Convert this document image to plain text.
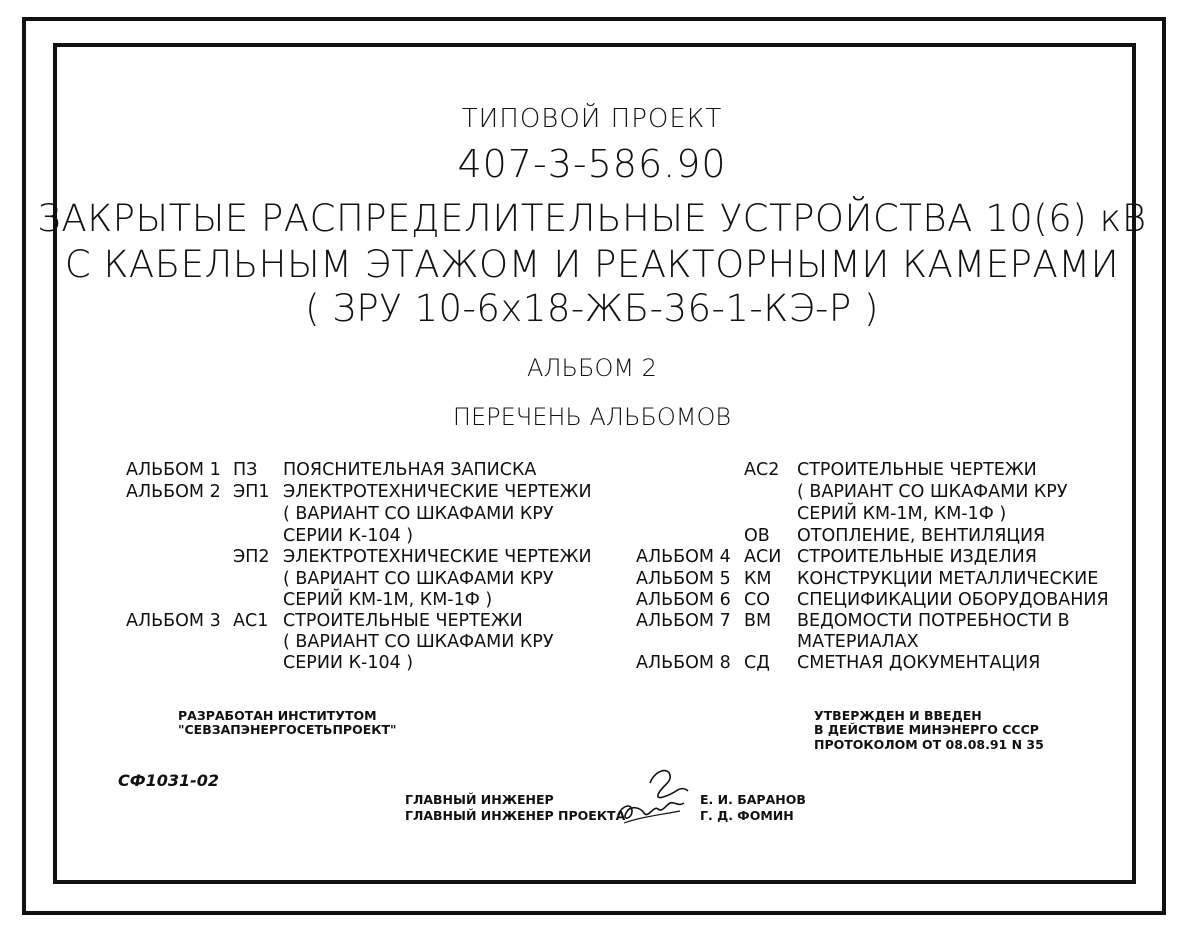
ТИПОВОЙ ПРОЕКТ
407-3-586.90
ЗАКРЫТЫЕ РАСПРЕДЕЛИТЕЛЬНЫЕ УСТРОЙСТВА 10(6) кВ
С КАБЕЛЬНЫМ ЭТАЖОМ И РЕАКТОРНЫМИ КАМЕРАМИ
( ЗРУ 10-6х18-ЖБ-36-1-КЭ-Р )
АЛЬБОМ 2
ПЕРЕЧЕНЬ АЛЬБОМОВ
АЛЬБОМ 1 ПЗ ПОЯСНИТЕЛЬНАЯ ЗАПИСКА
АЛЬБОМ 2 ЭП1 ЭЛЕКТРОТЕХНИЧЕСКИЕ ЧЕРТЕЖИ
( ВАРИАНТ СО ШКАФАМИ КРУ
СЕРИИ К-104 )
ЭП2 ЭЛЕКТРОТЕХНИЧЕСКИЕ ЧЕРТЕЖИ
( ВАРИАНТ СО ШКАФАМИ КРУ
СЕРИЙ КМ-1М, КМ-1Ф )
АЛЬБОМ 3 АС1 СТРОИТЕЛЬНЫЕ ЧЕРТЕЖИ
( ВАРИАНТ СО ШКАФАМИ КРУ
СЕРИИ К-104 )
АС2 СТРОИТЕЛЬНЫЕ ЧЕРТЕЖИ
( ВАРИАНТ СО ШКАФАМИ КРУ
СЕРИЙ КМ-1М, КМ-1Ф )
ОВ ОТОПЛЕНИЕ, ВЕНТИЛЯЦИЯ
АЛЬБОМ 4 АСИ СТРОИТЕЛЬНЫЕ ИЗДЕЛИЯ
АЛЬБОМ 5 КМ КОНСТРУКЦИИ МЕТАЛЛИЧЕСКИЕ
АЛЬБОМ 6 СО СПЕЦИФИКАЦИИ ОБОРУДОВАНИЯ
АЛЬБОМ 7 ВМ ВЕДОМОСТИ ПОТРЕБНОСТИ В
МАТЕРИАЛАХ
АЛЬБОМ 8 СД СМЕТНАЯ ДОКУМЕНТАЦИЯ
РАЗРАБОТАН ИНСТИТУТОМ
"СЕВЗАПЭНЕРГОСЕТЬПРОЕКТ"
УТВЕРЖДЕН И ВВЕДЕН
В ДЕЙСТВИЕ МИНЭНЕРГО СССР
ПРОТОКОЛОМ ОТ 08.08.91 N 35
СФ1031-02
ГЛАВНЫЙ ИНЖЕНЕР
ГЛАВНЫЙ ИНЖЕНЕР ПРОЕКТА
Е. И. БАРАНОВ
Г. Д. ФОМИН
